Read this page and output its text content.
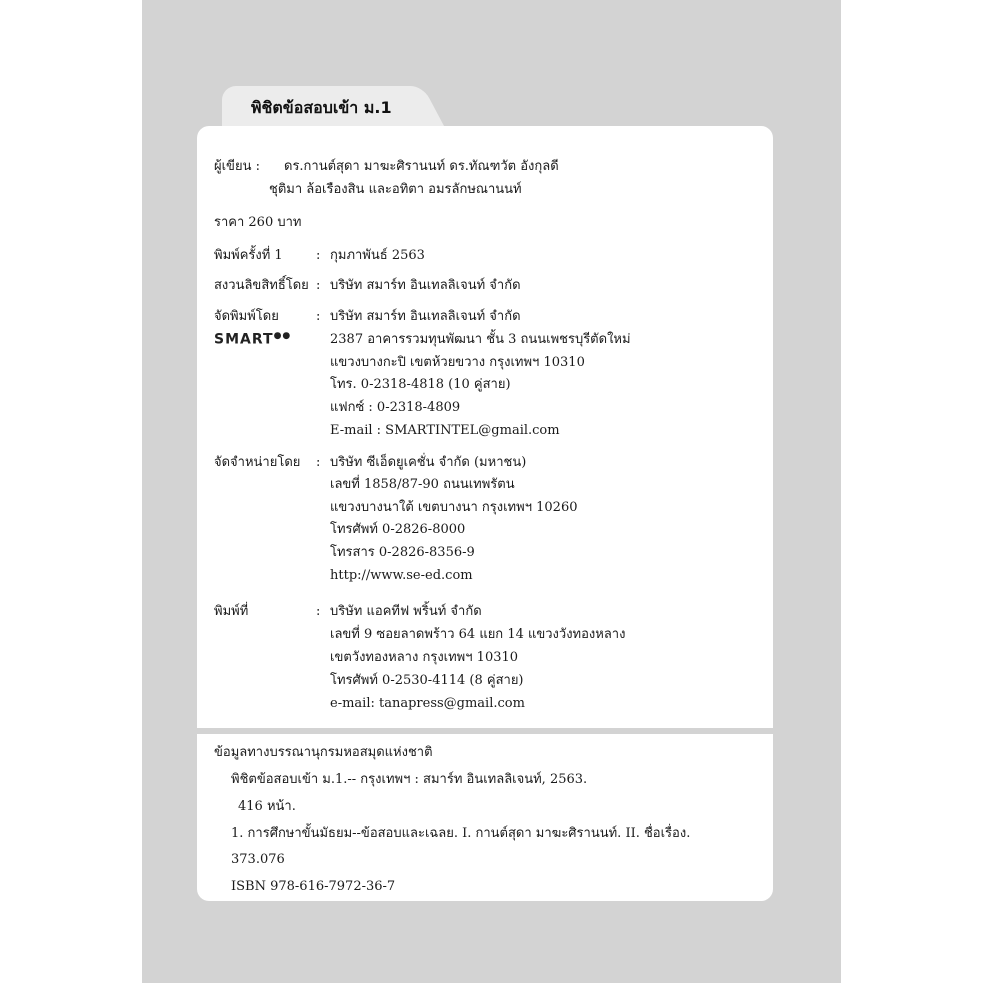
พิชิตข้อสอบเข้า ม.1
ผู้เขียน : ดร.กานต์สุดา มาฆะศิรานนท์ ดร.ทัณฑวัต อังกุลดี
ชุติมา ล้อเรืองสิน และอทิตา อมรลักษณานนท์
ราคา 260 บาท
พิมพ์ครั้งที่ 1	: กุมภาพันธ์ 2563
สงวนลิขสิทธิ์โดย : บริษัท สมาร์ท อินเทลลิเจนท์ จำกัด
จัดพิมพ์โดย
SMART●●
: บริษัท สมาร์ท อินเทลลิเจนท์ จำกัด
2387 อาคารรวมทุนพัฒนา ชั้น 3 ถนนเพชรบุรีตัดใหม่
แขวงบางกะปิ เขตห้วยขวาง กรุงเทพฯ 10310
โทร. 0-2318-4818 (10 คู่สาย)
แฟกซ์ : 0-2318-4809
E-mail : SMARTINTEL@gmail.com
จัดจำหน่ายโดย : บริษัท ซีเอ็ดยูเคชั่น จำกัด (มหาชน)
เลขที่ 1858/87-90 ถนนเทพรัตน
แขวงบางนาใต้ เขตบางนา กรุงเทพฯ 10260
โทรศัพท์ 0-2826-8000
โทรสาร 0-2826-8356-9
http://www.se-ed.com
พิมพ์ที่	: บริษัท แอคทีฟ พริ้นท์ จำกัด
เลขที่ 9 ซอยลาดพร้าว 64 แยก 14 แขวงวังทองหลาง
เขตวังทองหลาง กรุงเทพฯ 10310
โทรศัพท์ 0-2530-4114 (8 คู่สาย)
e-mail: tanapress@gmail.com
ข้อมูลทางบรรณานุกรมหอสมุดแห่งชาติ
พิชิตข้อสอบเข้า ม.1.-- กรุงเทพฯ : สมาร์ท อินเทลลิเจนท์, 2563.
416 หน้า.
1. การศึกษาขั้นมัธยม--ข้อสอบและเฉลย. I. กานต์สุดา มาฆะศิรานนท์. II. ชื่อเรื่อง.
373.076
ISBN 978-616-7972-36-7
